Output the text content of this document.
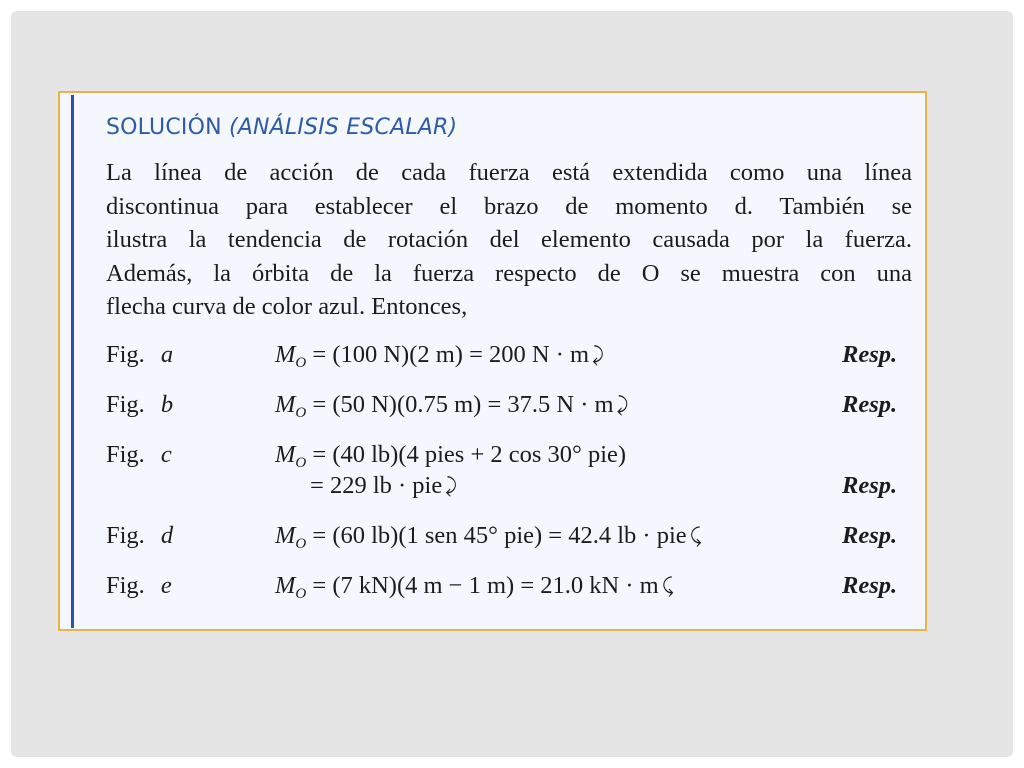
SOLUCIÓN (ANÁLISIS ESCALAR)
La línea de acción de cada fuerza está extendida como una línea
discontinua para establecer el brazo de momento d. También se
ilustra la tendencia de rotación del elemento causada por la fuerza.
Además, la órbita de la fuerza respecto de O se muestra con una
flecha curva de color azul. Entonces,
Fig. a	$M_O = (100$ N)(2 m) = 200 N · m ⤸	Resp.
Fig. b	$M_O = (50$ N)(0.75 m) = 37.5 N · m ⤸	Resp.
Fig. c	$M_O = (40$ lb)(4 pies + 2 cos 30° pie)
= 229 lb · pie ⤸	Resp.
Fig. d	$M_O = (60$ lb)(1 sen 45° pie) = 42.4 lb · pie ⤹	Resp.
Fig. e	$M_O = (7$ kN)(4 m − 1 m) = 21.0 kN · m ⤹	Resp.
